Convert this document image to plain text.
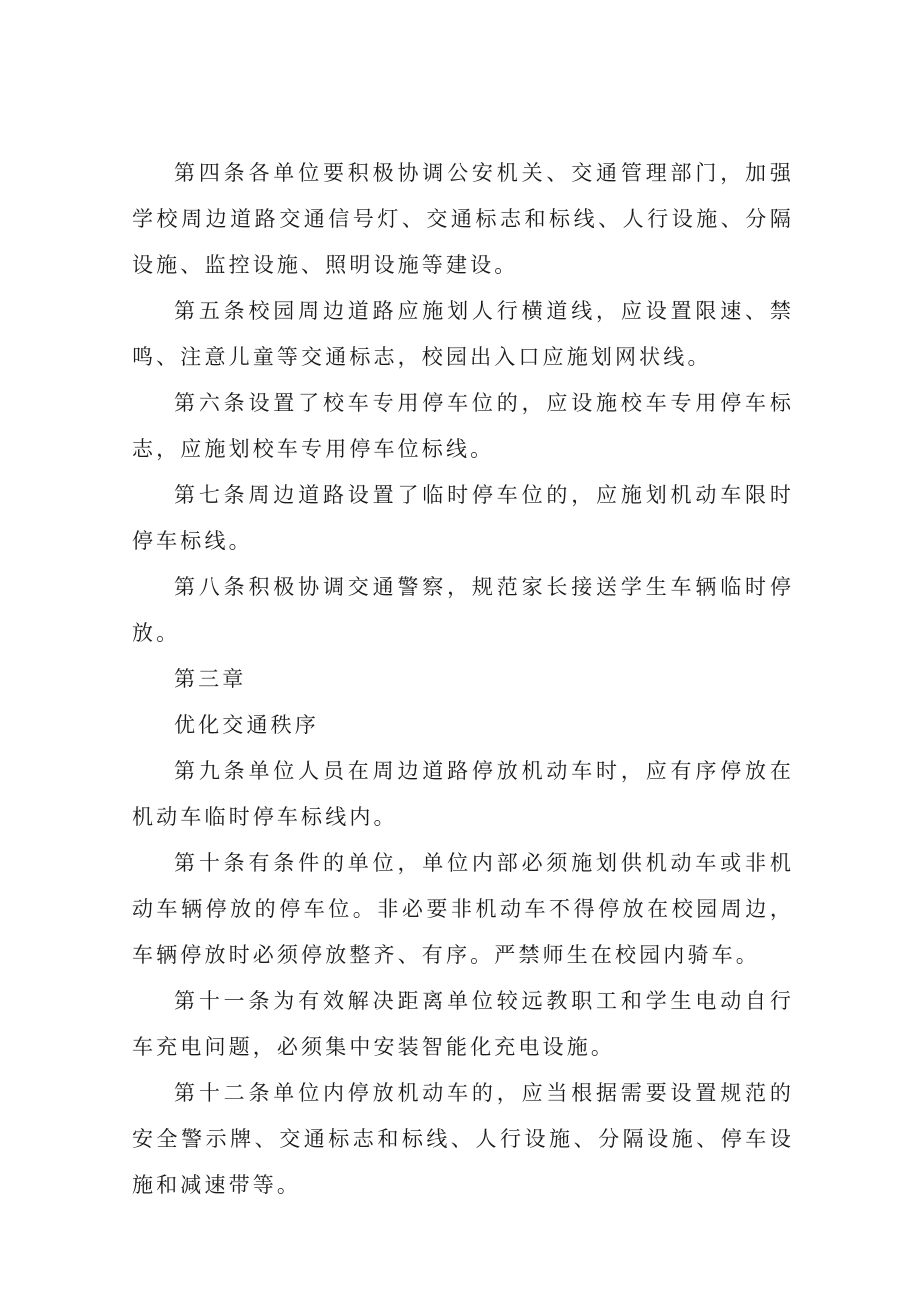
第四条各单位要积极协调公安机关、交通管理部门，加强学校周边道路交通信号灯、交通标志和标线、人行设施、分隔设施、监控设施、照明设施等建设。

第五条校园周边道路应施划人行横道线，应设置限速、禁鸣、注意儿童等交通标志，校园出入口应施划网状线。

第六条设置了校车专用停车位的，应设施校车专用停车标志，应施划校车专用停车位标线。

第七条周边道路设置了临时停车位的，应施划机动车限时停车标线。

第八条积极协调交通警察，规范家长接送学生车辆临时停放。

第三章

优化交通秩序

第九条单位人员在周边道路停放机动车时，应有序停放在机动车临时停车标线内。

第十条有条件的单位，单位内部必须施划供机动车或非机动车辆停放的停车位。非必要非机动车不得停放在校园周边，车辆停放时必须停放整齐、有序。严禁师生在校园内骑车。

第十一条为有效解决距离单位较远教职工和学生电动自行车充电问题，必须集中安装智能化充电设施。

第十二条单位内停放机动车的，应当根据需要设置规范的安全警示牌、交通标志和标线、人行设施、分隔设施、停车设施和减速带等。
